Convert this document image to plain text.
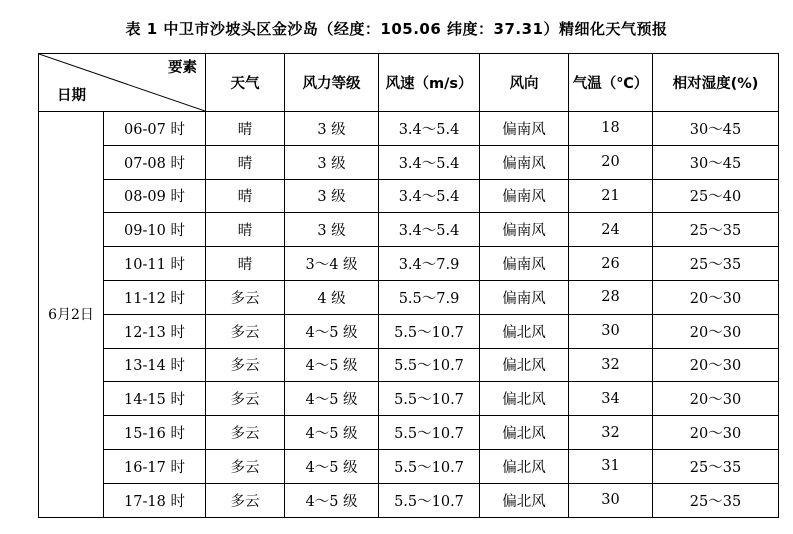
表 1 中卫市沙坡头区金沙岛（经度：105.06 纬度：37.31）精细化天气预报
要素
日期		天气	风力等级	风速（m/s）	风向	气温（℃）	相对湿度(%)
6月2日	06-07 时	晴	3 级	3.4～5.4	偏南风	18	30～45
	07-08 时	晴	3 级	3.4～5.4	偏南风	20	30～45
	08-09 时	晴	3 级	3.4～5.4	偏南风	21	25～40
	09-10 时	晴	3 级	3.4～5.4	偏南风	24	25～35
	10-11 时	晴	3～4 级	3.4～7.9	偏南风	26	25～35
	11-12 时	多云	4 级	5.5～7.9	偏南风	28	20～30
	12-13 时	多云	4～5 级	5.5～10.7	偏北风	30	20～30
	13-14 时	多云	4～5 级	5.5～10.7	偏北风	32	20～30
	14-15 时	多云	4～5 级	5.5～10.7	偏北风	34	20～30
	15-16 时	多云	4～5 级	5.5～10.7	偏北风	32	20～30
	16-17 时	多云	4～5 级	5.5～10.7	偏北风	31	25～35
	17-18 时	多云	4～5 级	5.5～10.7	偏北风	30	25～35
